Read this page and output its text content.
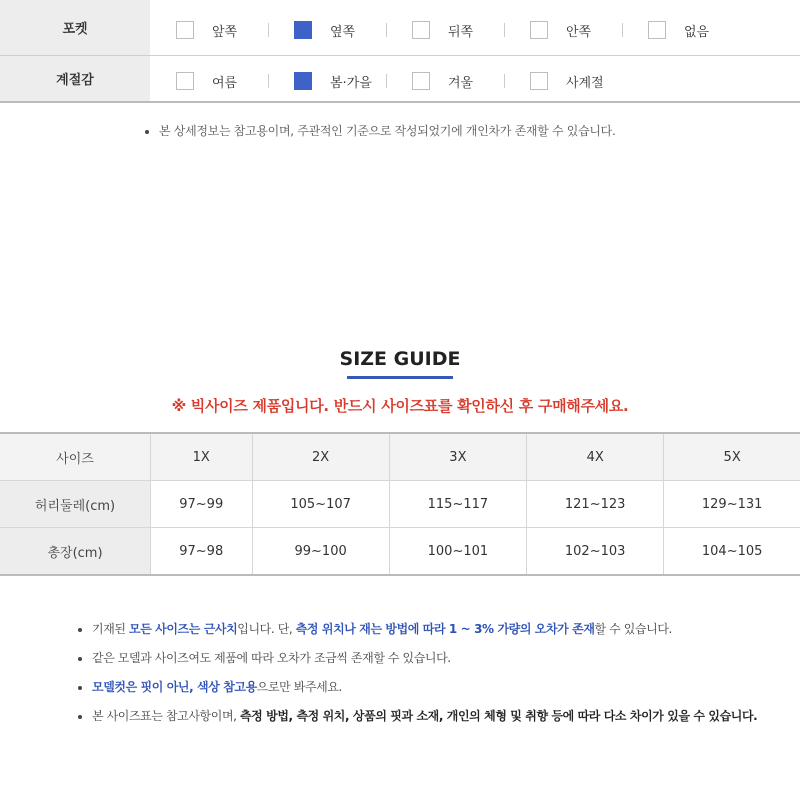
포켓	앞쪽 옆쪽 뒤쪽 안쪽 없음
계절감	여름 봄·가을 겨울 사계절
본 상세정보는 참고용이며, 주관적인 기준으로 작성되었기에 개인차가 존재할 수 있습니다.
SIZE GUIDE
※ 빅사이즈 제품입니다. 반드시 사이즈표를 확인하신 후 구매해주세요.
사이즈	1X	2X	3X	4X	5X
허리둘레(cm)	97~99	105~107	115~117	121~123	129~131
총장(cm)	97~98	99~100	100~101	102~103	104~105
기재된 모든 사이즈는 근사치입니다. 단, 측정 위치나 재는 방법에 따라 1 ~ 3% 가량의 오차가 존재할 수 있습니다.
같은 모델과 사이즈여도 제품에 따라 오차가 조금씩 존재할 수 있습니다.
모델컷은 핏이 아닌, 색상 참고용으로만 봐주세요.
본 사이즈표는 참고사항이며, 측정 방법, 측정 위치, 상품의 핏과 소재, 개인의 체형 및 취향 등에 따라 다소 차이가 있을 수 있습니다.
